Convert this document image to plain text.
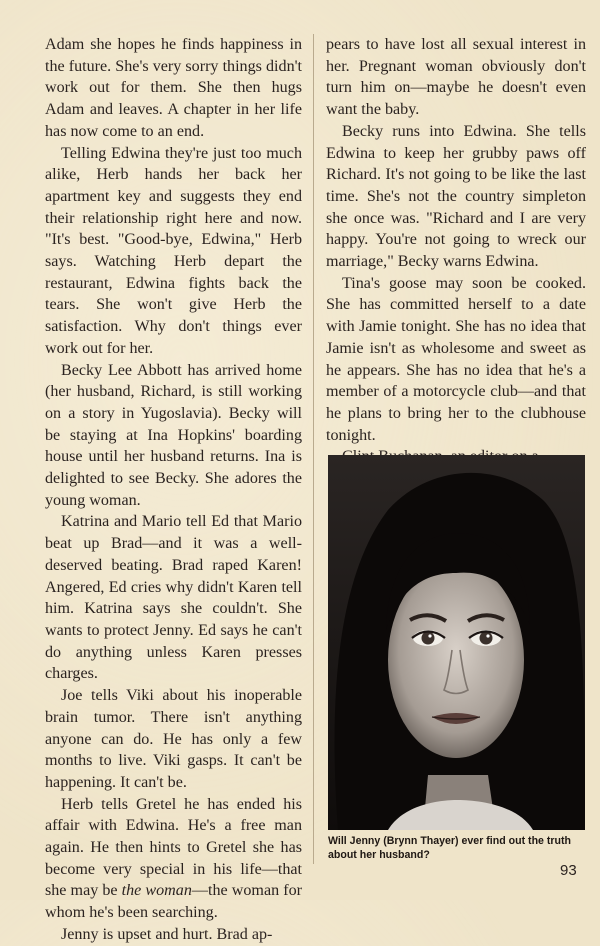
Adam she hopes he finds happiness in the future. She's very sorry things didn't work out for them. She then hugs Adam and leaves. A chapter in her life has now come to an end.

Telling Edwina they're just too much alike, Herb hands her back her apartment key and suggests they end their relationship right here and now. "It's best. "Good-bye, Edwina," Herb says. Watching Herb depart the restaurant, Edwina fights back the tears. She won't give Herb the satisfaction. Why don't things ever work out for her.

Becky Lee Abbott has arrived home (her husband, Richard, is still working on a story in Yugoslavia). Becky will be staying at Ina Hopkins' boarding house until her husband returns. Ina is delighted to see Becky. She adores the young woman.

Katrina and Mario tell Ed that Mario beat up Brad—and it was a well-deserved beating. Brad raped Karen! Angered, Ed cries why didn't Karen tell him. Katrina says she couldn't. She wants to protect Jenny. Ed says he can't do anything unless Karen presses charges.

Joe tells Viki about his inoperable brain tumor. There isn't anything anyone can do. He has only a few months to live. Viki gasps. It can't be happening. It can't be.

Herb tells Gretel he has ended his affair with Edwina. He's a free man again. He then hints to Gretel she has become very special in his life—that she may be the woman—the woman for whom he's been searching.

Jenny is upset and hurt. Brad ap-

pears to have lost all sexual interest in her. Pregnant woman obviously don't turn him on—maybe he doesn't even want the baby.

Becky runs into Edwina. She tells Edwina to keep her grubby paws off Richard. It's not going to be like the last time. She's not the country simpleton she once was. "Richard and I are very happy. You're not going to wreck our marriage," Becky warns Edwina.

Tina's goose may soon be cooked. She has committed herself to a date with Jamie tonight. She has no idea that Jamie isn't as wholesome and sweet as he appears. She has no idea that he's a member of a motorcycle club—and that he plans to bring her to the clubhouse tonight.

Will Jenny (Brynn Thayer) ever find out the truth about her husband?
93
